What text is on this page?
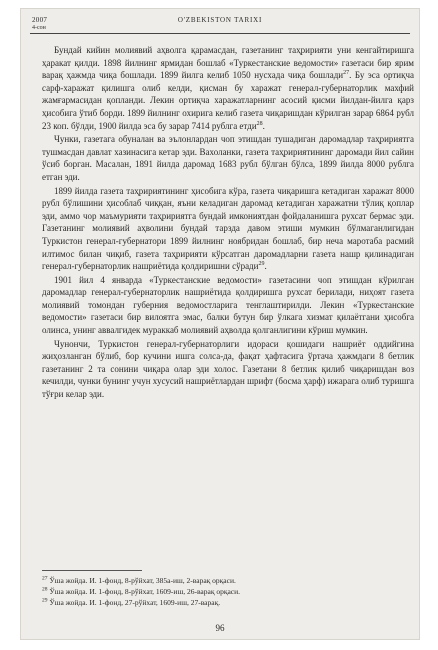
2007
4-сон
O'ZBEKISTON TARIXI

Бундай кийин молиявий аҳволга қарамасдан, газетанинг таҳририяти уни кенгайтиришга ҳаракат қилди. 1898 йилнинг ярмидан бошлаб «Туркестанские ведомости» газетаси бир ярим варақ ҳажмда чиқа бошлади. 1899 йилга келиб 1050 нусхада чиқа бошлади$^{27}$. Бу эса ортиқча сарф-харажат қилишга олиб келди, қисман бу харажат генерал-губернаторлик махфий жамғармасидан қопланди. Лекин ортиқча харажатларнинг асосий қисми йилдан-йилга қарз ҳисобига ўтиб борди. 1899 йилнинг охирига келиб газета чиқаришдан кўрилган зарар 6864 рубл 23 коп. бўлди, 1900 йилда эса бу зарар 7414 рублга етди$^{28}$.

Чунки, газетага обуналан ва эълонлардан чоп этишдан тушадиган даромадлар таҳририятга тушмасдан давлат хазинасига кетар эди. Вахоланки, газета таҳририятининг даромади йил сайин ўсиб борган. Масалан, 1891 йилда даромад 1683 рубл бўлган бўлса, 1899 йилда 8000 рублга етган эди.

1899 йилда газета таҳририятининг ҳисобига кўра, газета чиқаришга кетадиган харажат 8000 рубл бўлишини ҳисоблаб чиққан, яъни келадиган даромад кетадиган харажатни тўлиқ қоплар эди, аммо чор маъмурияти таҳририятга бундай имкониятдан фойдаланишга рухсат бермас эди. Газетанинг молиявий аҳволини бундай тарзда давом этиши мумкин бўлмаганлигидан Туркистон генерал-губернатори 1899 йилнинг ноябридан бошлаб, бир неча маротаба расмий илтимос билан чиқиб, газета таҳририяти кўрсатган даромадларни газета нашр қилинадиган генерал-губернаторлик нашриётида қолдиришни сўради$^{29}$.

1901 йил 4 январда «Туркестанские ведомости» газетасини чоп этишдан кўрилган даромадлар генерал-губернаторлик нашриётида қолдиришга рухсат берилади, ниҳоят газета молиявий томондан губерния ведомостларига тенглаштирилди. Лекин «Туркестанские ведомости» газетаси бир вилоятга эмас, балки бутун бир ўлкага хизмат қилаётгани ҳисобга олинса, унинг аввалгидек мураккаб молиявий аҳволда қолганлигини кўриш мумкин.

Чунончи, Туркистон генерал-губернаторлиги идораси қошидаги нашриёт оддийгина жиҳозланган бўлиб, бор кучини ишга солса-да, фақат ҳафтасига ўртача ҳажмдаги 8 бетлик газетанинг 2 та сонини чиқара олар эди холос. Газетани 8 бетлик қилиб чиқаришдан воз кечилди, чунки бунинг учун хусусий нашриётлардан шрифт (босма ҳарф) ижарага олиб туришга тўғри келар эди.

$^{27}$ Ўша жойда. И. 1-фонд, 8-рўйхат, 385а-иш, 2-варақ орқаси.
$^{28}$ Ўша жойда. И. 1-фонд, 8-рўйхат, 1609-иш, 26-варақ орқаси.
$^{29}$ Ўша жойда. И. 1-фонд, 27-рўйхат, 1609-иш, 27-варақ.
96
